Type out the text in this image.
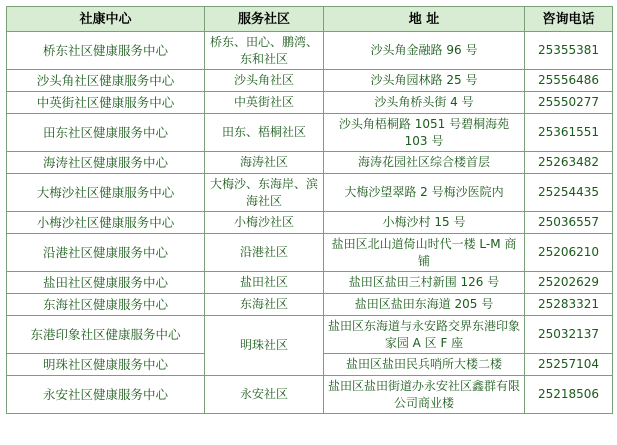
社康中心	服务社区	地 址	咨询电话
桥东社区健康服务中心	桥东、田心、鹏湾、东和社区	沙头角金融路 96 号	25355381
沙头角社区健康服务中心	沙头角社区	沙头角园林路 25 号	25556486
中英街社区健康服务中心	中英街社区	沙头角桥头街 4 号	25550277
田东社区健康服务中心	田东、梧桐社区	沙头角梧桐路 1051 号碧桐海苑 103 号	25361551
海涛社区健康服务中心	海涛社区	海涛花园社区综合楼首层	25263482
大梅沙社区健康服务中心	大梅沙、东海岸、滨海社区	大梅沙望翠路 2 号梅沙医院内	25254435
小梅沙社区健康服务中心	小梅沙社区	小梅沙村 15 号	25036557
沿港社区健康服务中心	沿港社区	盐田区北山道倚山时代一楼 L-M 商铺	25206210
盐田社区健康服务中心	盐田社区	盐田区盐田三村新围 126 号	25202629
东海社区健康服务中心	东海社区	盐田区盐田东海道 205 号	25283321
东港印象社区健康服务中心	明珠社区	盐田区东海道与永安路交界东港印象家园 A 区 F 座	25032137
明珠社区健康服务中心		盐田区盐田民兵哨所大楼二楼	25257104
永安社区健康服务中心	永安社区	盐田区盐田街道办永安社区鑫群有限公司商业楼	25218506
